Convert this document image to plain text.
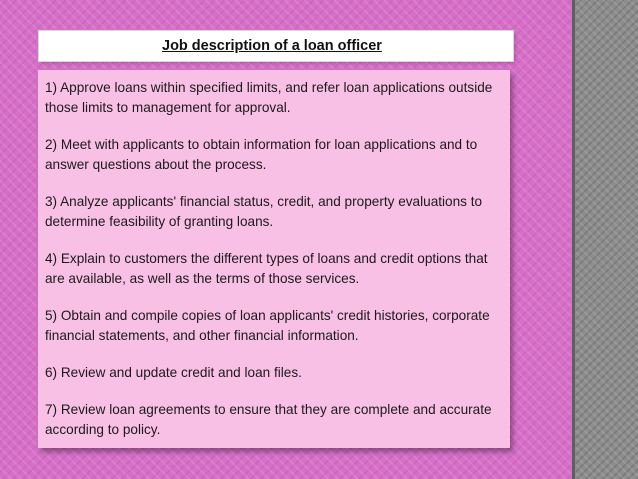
Job description of a loan officer
1) Approve loans within specified limits, and refer loan applications outside those limits to management for approval.
2) Meet with applicants to obtain information for loan applications and to answer questions about the process.
3) Analyze applicants' financial status, credit, and property evaluations to determine feasibility of granting loans.
4) Explain to customers the different types of loans and credit options that are available, as well as the terms of those services.
5) Obtain and compile copies of loan applicants' credit histories, corporate financial statements, and other financial information.
6) Review and update credit and loan files.
7) Review loan agreements to ensure that they are complete and accurate according to policy.
